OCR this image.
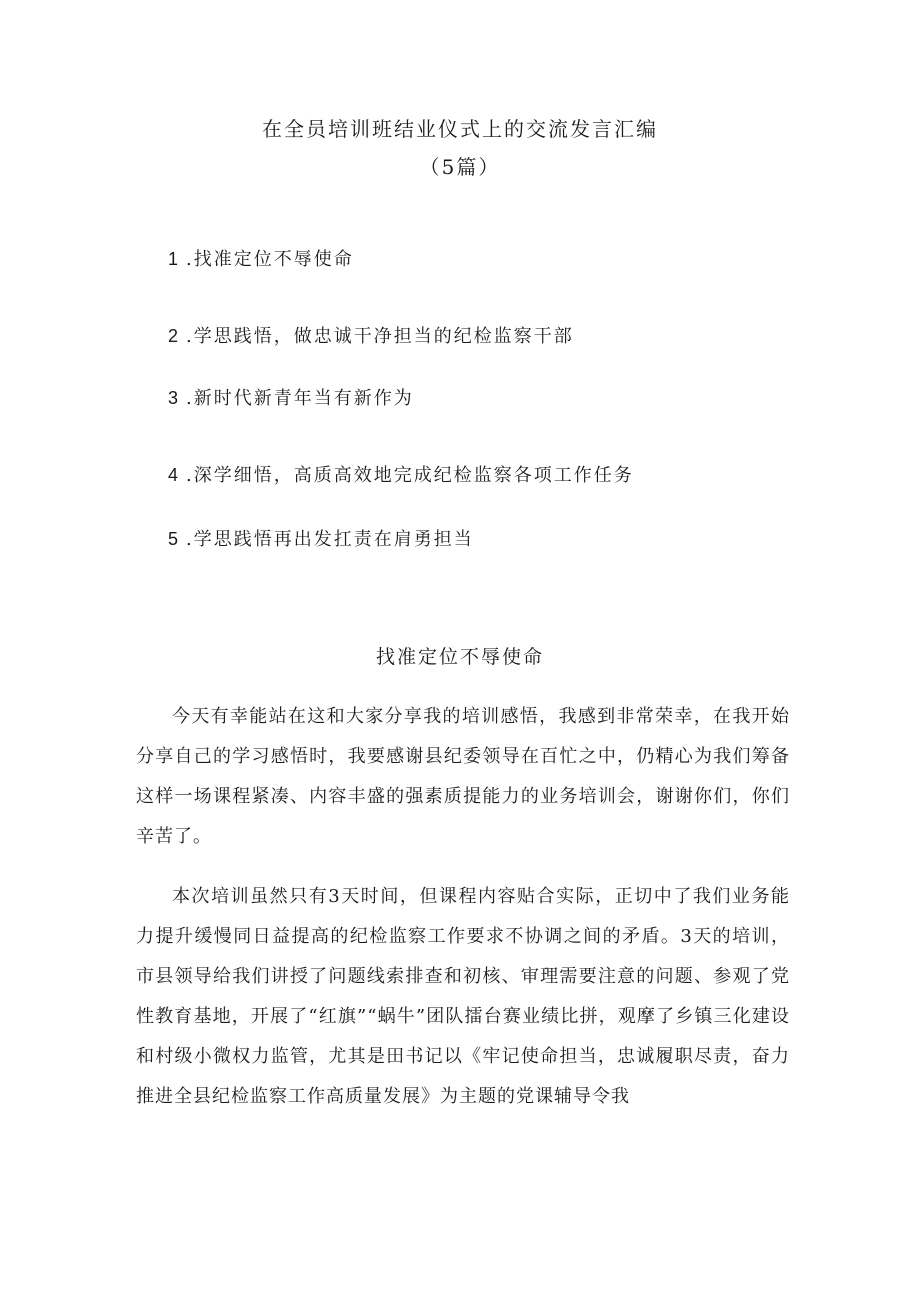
在全员培训班结业仪式上的交流发言汇编
（5篇）
1 .找准定位不辱使命
2 .学思践悟，做忠诚干净担当的纪检监察干部
3 .新时代新青年当有新作为
4 .深学细悟，高质高效地完成纪检监察各项工作任务
5 .学思践悟再出发扛责在肩勇担当
找准定位不辱使命

今天有幸能站在这和大家分享我的培训感悟，我感到非常荣幸，在我开始分享自己的学习感悟时，我要感谢县纪委领导在百忙之中，仍精心为我们筹备这样一场课程紧凑、内容丰盛的强素质提能力的业务培训会，谢谢你们，你们辛苦了。

本次培训虽然只有3天时间，但课程内容贴合实际，正切中了我们业务能力提升缓慢同日益提高的纪检监察工作要求不协调之间的矛盾。3天的培训，市县领导给我们讲授了问题线索排查和初核、审理需要注意的问题、参观了党性教育基地，开展了“红旗”“蜗牛”团队擂台赛业绩比拼，观摩了乡镇三化建设和村级小微权力监管，尤其是田书记以《牢记使命担当，忠诚履职尽责，奋力推进全县纪检监察工作高质量发展》为主题的党课辅导令我
